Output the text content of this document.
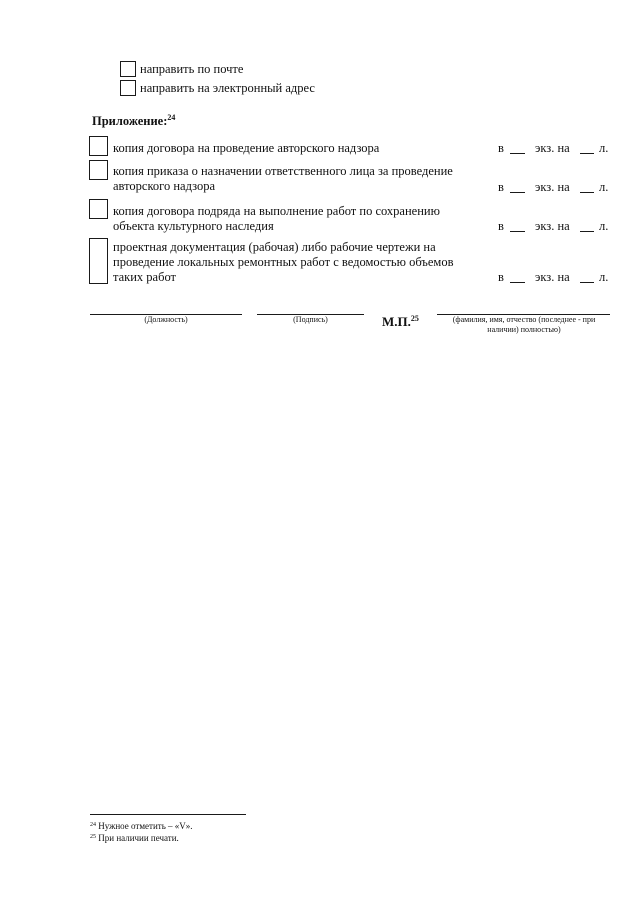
направить по почте
направить на электронный адрес
Приложение:$^{24}$
копия договора на проведение авторского надзора	в экз. на л.
копия приказа о назначении ответственного лица за проведение авторского надзора	в экз. на л.
копия договора подряда на выполнение работ по сохранению объекта культурного наследия	в экз. на л.
проектная документация (рабочая) либо рабочие чертежи на проведение локальных ремонтных работ с ведомостью объемов таких работ	в экз. на л.
(Должность)	(Подпись)	М.П.$^{25}$	(фамилия, имя, отчество (последнее - при наличии) полностью)
$^{24}$ Нужное отметить – «V».
$^{25}$ При наличии печати.
